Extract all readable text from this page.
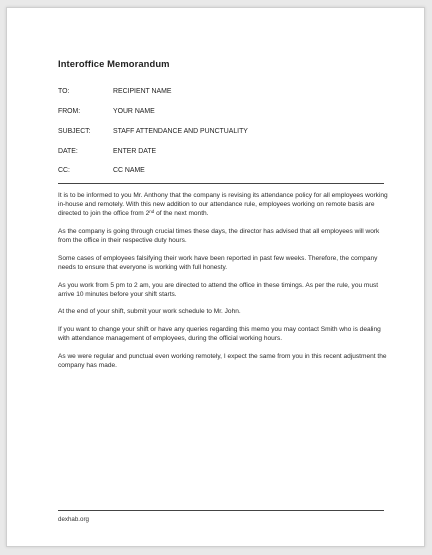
Interoffice Memorandum
TO:	RECIPIENT NAME
FROM:	YOUR NAME
SUBJECT:	STAFF ATTENDANCE AND PUNCTUALITY
DATE:	ENTER DATE
CC:	CC NAME

It is to be informed to you Mr. Anthony that the company is revising its attendance policy for all employees working in-house and remotely. With this new addition to our attendance rule, employees working on remote basis are directed to join the office from 2nd of the next month.

As the company is going through crucial times these days, the director has advised that all employees will work from the office in their respective duty hours.

Some cases of employees falsifying their work have been reported in past few weeks. Therefore, the company needs to ensure that everyone is working with full honesty.

As you work from 5 pm to 2 am, you are directed to attend the office in these timings. As per the rule, you must arrive 10 minutes before your shift starts.

At the end of your shift, submit your work schedule to Mr. John.

If you want to change your shift or have any queries regarding this memo you may contact Smith who is dealing with attendance management of employees, during the official working hours.

As we were regular and punctual even working remotely, I expect the same from you in this recent adjustment the company has made.

dexhab.org
